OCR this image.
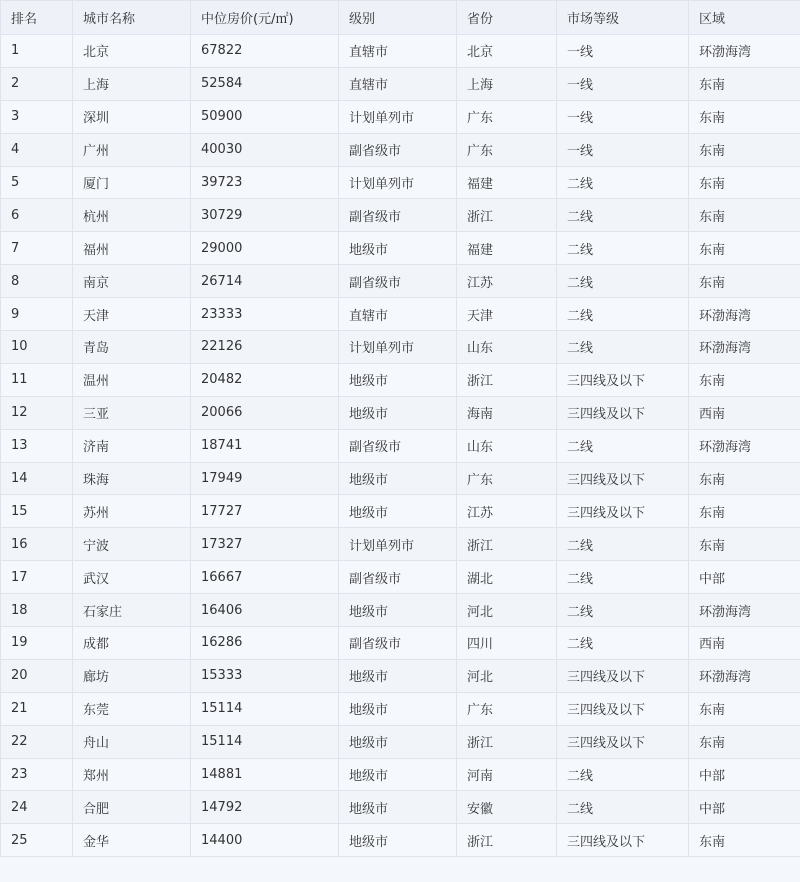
排名	城市名称	中位房价(元/㎡)	级别	省份	市场等级	区域
1	北京	67822	直辖市	北京	一线	环渤海湾
2	上海	52584	直辖市	上海	一线	东南
3	深圳	50900	计划单列市	广东	一线	东南
4	广州	40030	副省级市	广东	一线	东南
5	厦门	39723	计划单列市	福建	二线	东南
6	杭州	30729	副省级市	浙江	二线	东南
7	福州	29000	地级市	福建	二线	东南
8	南京	26714	副省级市	江苏	二线	东南
9	天津	23333	直辖市	天津	二线	环渤海湾
10	青岛	22126	计划单列市	山东	二线	环渤海湾
11	温州	20482	地级市	浙江	三四线及以下	东南
12	三亚	20066	地级市	海南	三四线及以下	西南
13	济南	18741	副省级市	山东	二线	环渤海湾
14	珠海	17949	地级市	广东	三四线及以下	东南
15	苏州	17727	地级市	江苏	三四线及以下	东南
16	宁波	17327	计划单列市	浙江	二线	东南
17	武汉	16667	副省级市	湖北	二线	中部
18	石家庄	16406	地级市	河北	二线	环渤海湾
19	成都	16286	副省级市	四川	二线	西南
20	廊坊	15333	地级市	河北	三四线及以下	环渤海湾
21	东莞	15114	地级市	广东	三四线及以下	东南
22	舟山	15114	地级市	浙江	三四线及以下	东南
23	郑州	14881	地级市	河南	二线	中部
24	合肥	14792	地级市	安徽	二线	中部
25	金华	14400	地级市	浙江	三四线及以下	东南
